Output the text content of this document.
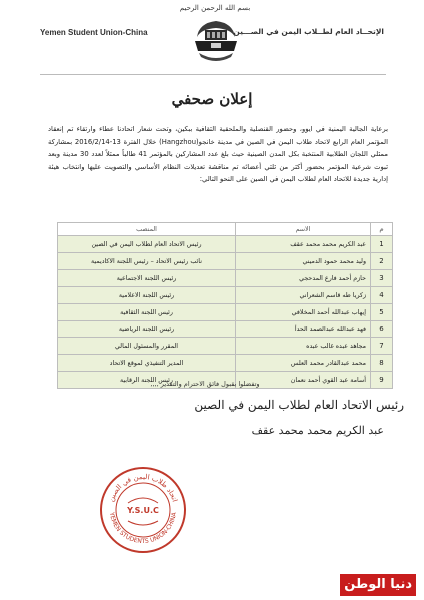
بسم الله الرحمن الرحيم
Yemen Student Union-China	الإتحــاد العام لطــلاب اليمن في الصـــين
إعلان صحفي
برعاية الجالية اليمنية في ايوو، وحضور القنصلية والملحقية الثقافية ببكين، وتحت شعار اتحادنا عطاء وارتقاء تم إنعقاد المؤتمر العام الرابع لاتحاد طلاب اليمن في الصين في مدينة خانجو(Hangzhou) خلال الفترة 13-2016/2/14 بمشاركة ممثلي اللجان الطلابية المنتخبة بكل المدن الصينية حيث بلغ عدد المشاركين بالمؤتمر 41 طالباً ممثلاً لعدد 30 مدينة وبعد ثبوت شرعية المؤتمر بحضور أكثر من ثلثي أعضائه تم مناقشة تعديلات النظام الأساسي والتصويت عليها وانتخاب هيئة إدارية جديدة للاتحاد العام لطلاب اليمن في الصين على النحو التالي:
م	الاسم	المنصب
1	عبد الكريم محمد محمد عقف	رئيس الاتحاد العام لطلاب اليمن في الصين
2	وليد محمد حمود الدميني	نائب رئيس الاتحاد – رئيس اللجنة الاكاديمية
3	حازم أحمد فارع المدحجي	رئيس اللجنة الاجتماعية
4	زكريا طه قاسم الشعراني	رئيس اللجنة الاعلامية
5	إيهاب عبدالله أحمد المخلافي	رئيس اللجنة الثقافية
6	فهد عبدالله عبدالصمد الحدأ	رئيس اللجنة الرياضية
7	مجاهد عبده غالب عبده	المقرر والمسئول المالي
8	محمد عبدالقادر محمد العلس	المدير التنفيذي لموقع الاتحاد
9	أسامة عبد القوي أحمد نعمان	رئيس اللجنة الرقابية
وتفضلوا بقبول فائق الاحترام والتقدير ,,,,
رئيس الاتحاد العام لطلاب اليمن في الصين
عبد الكريم محمد محمد عقف
اتحاد طلاب اليمن في الصين
YEMEN STUDENTS UNION-CHINA
Y.S.U.C
دنيا الوطن
